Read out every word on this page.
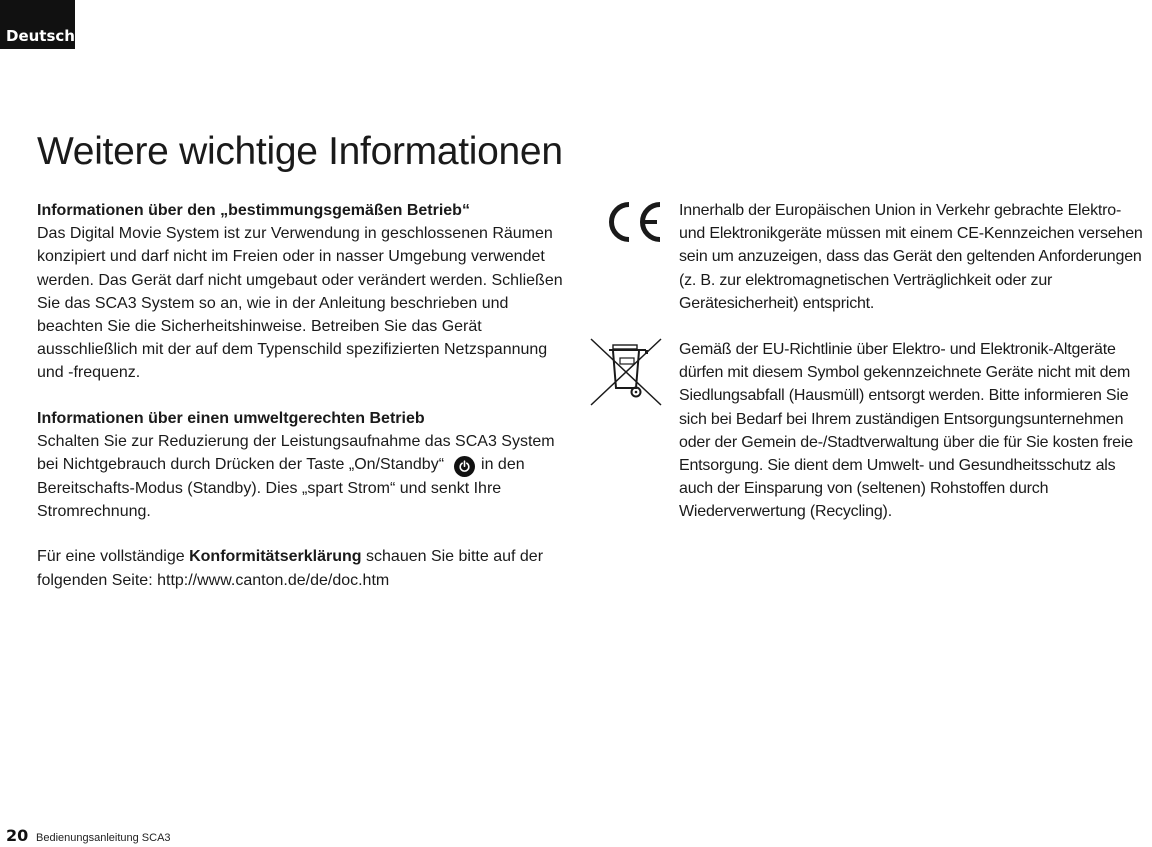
Deutsch
Weitere wichtige Informationen

Informationen über den „bestimmungsgemäßen Betrieb“
Das Digital Movie System ist zur Verwendung in geschlossenen Räumen konzipiert und darf nicht im Freien oder in nasser Umgebung verwendet werden. Das Gerät darf nicht umgebaut oder verändert werden. Schließen Sie das SCA3 System so an, wie in der Anleitung beschrieben und beachten Sie die Sicherheitshinweise. Betreiben Sie das Gerät ausschließlich mit der auf dem Typenschild spezifizierten Netzspannung und -frequenz.

Informationen über einen umweltgerechten Betrieb
Schalten Sie zur Reduzierung der Leistungsaufnahme das SCA3 System bei Nichtgebrauch durch Drücken der Taste „On/Standby“ in den Bereitschafts-Modus (Standby). Dies „spart Strom“ und senkt Ihre Stromrechnung.

Für eine vollständige Konformitätserklärung schauen Sie bitte auf der folgenden Seite: http://www.canton.de/de/doc.htm

Innerhalb der Europäischen Union in Verkehr gebrachte Elektro- und Elektronikgeräte müssen mit einem CE-Kennzeichen versehen sein um anzuzeigen, dass das Gerät den geltenden Anforderungen (z. B. zur elektromagnetischen Verträglichkeit oder zur Gerätesicherheit) entspricht.

Gemäß der EU-Richtlinie über Elektro- und Elektronik-Altgeräte dürfen mit diesem Symbol gekennzeichnete Geräte nicht mit dem Siedlungsabfall (Hausmüll) entsorgt werden. Bitte informieren Sie sich bei Bedarf bei Ihrem zuständigen Entsorgungsunternehmen oder der Gemein de-/Stadtverwaltung über die für Sie kosten freie Entsorgung. Sie dient dem Umwelt- und Gesundheitsschutz als auch der Einsparung von (seltenen) Rohstoffen durch Wiederverwertung (Recycling).

20 Bedienungsanleitung SCA3
